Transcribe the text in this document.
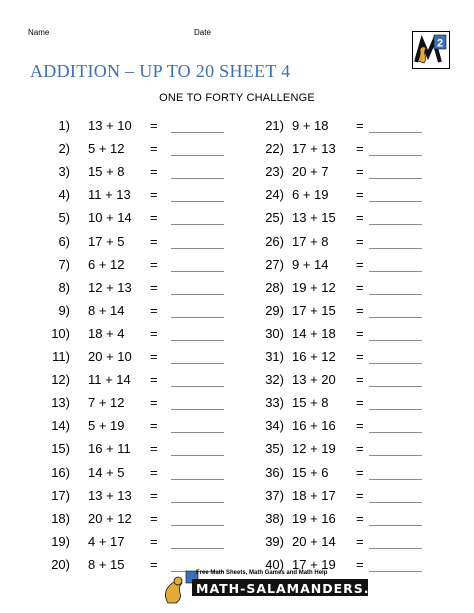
Name	Date
2
ADDITION – UP TO 20 SHEET 4
ONE TO FORTY CHALLENGE
1) 13 + 10 =
2) 5 + 12 =
3) 15 + 8 =
4) 11 + 13 =
5) 10 + 14 =
6) 17 + 5 =
7) 6 + 12 =
8) 12 + 13 =
9) 8 + 14 =
10) 18 + 4 =
11) 20 + 10 =
12) 11 + 14 =
13) 7 + 12 =
14) 5 + 19 =
15) 16 + 11 =
16) 14 + 5 =
17) 13 + 13 =
18) 20 + 12 =
19) 4 + 17 =
20) 8 + 15 =
21) 9 + 18 =
22) 17 + 13 =
23) 20 + 7 =
24) 6 + 19 =
25) 13 + 15 =
26) 17 + 8 =
27) 9 + 14 =
28) 19 + 12 =
29) 17 + 15 =
30) 14 + 18 =
31) 16 + 12 =
32) 13 + 20 =
33) 15 + 8 =
34) 16 + 16 =
35) 12 + 19 =
36) 15 + 6 =
37) 18 + 17 =
38) 19 + 16 =
39) 20 + 14 =
40) 17 + 19 =
Free Math Sheets, Math Games and Math Help
MATH-SALAMANDERS.COM
